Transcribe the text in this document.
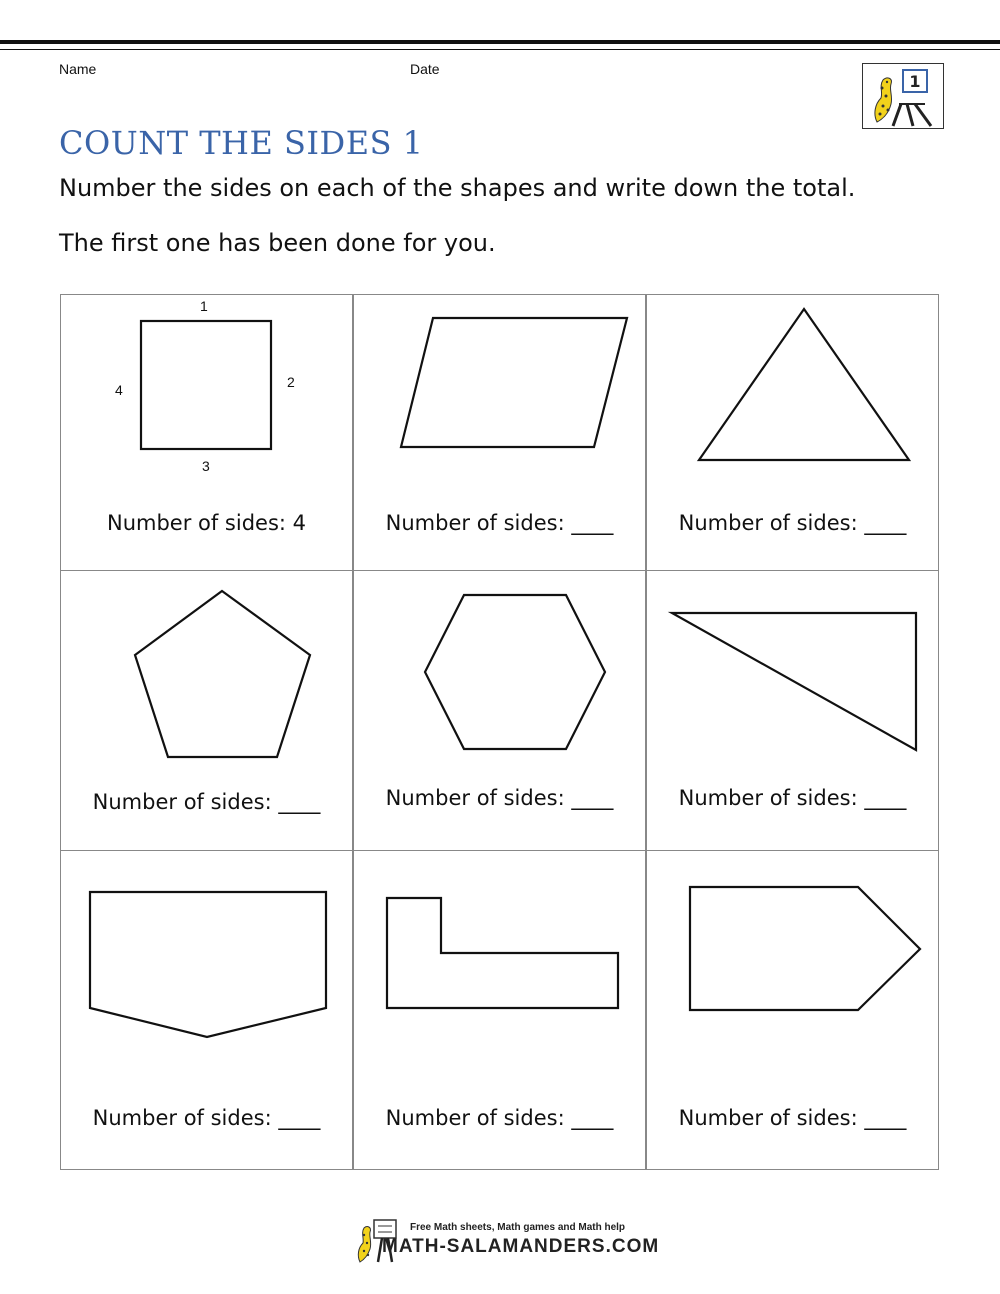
Name	Date
1
COUNT THE SIDES 1
Number the sides on each of the shapes and write down the total.
The first one has been done for you.
1
2
3
4
Number of sides: 4	Number of sides: ____	Number of sides: ____
Number of sides: ____	Number of sides: ____	Number of sides: ____
Number of sides: ____	Number of sides: ____	Number of sides: ____
Free Math sheets, Math games and Math help
MATH-SALAMANDERS.COM
